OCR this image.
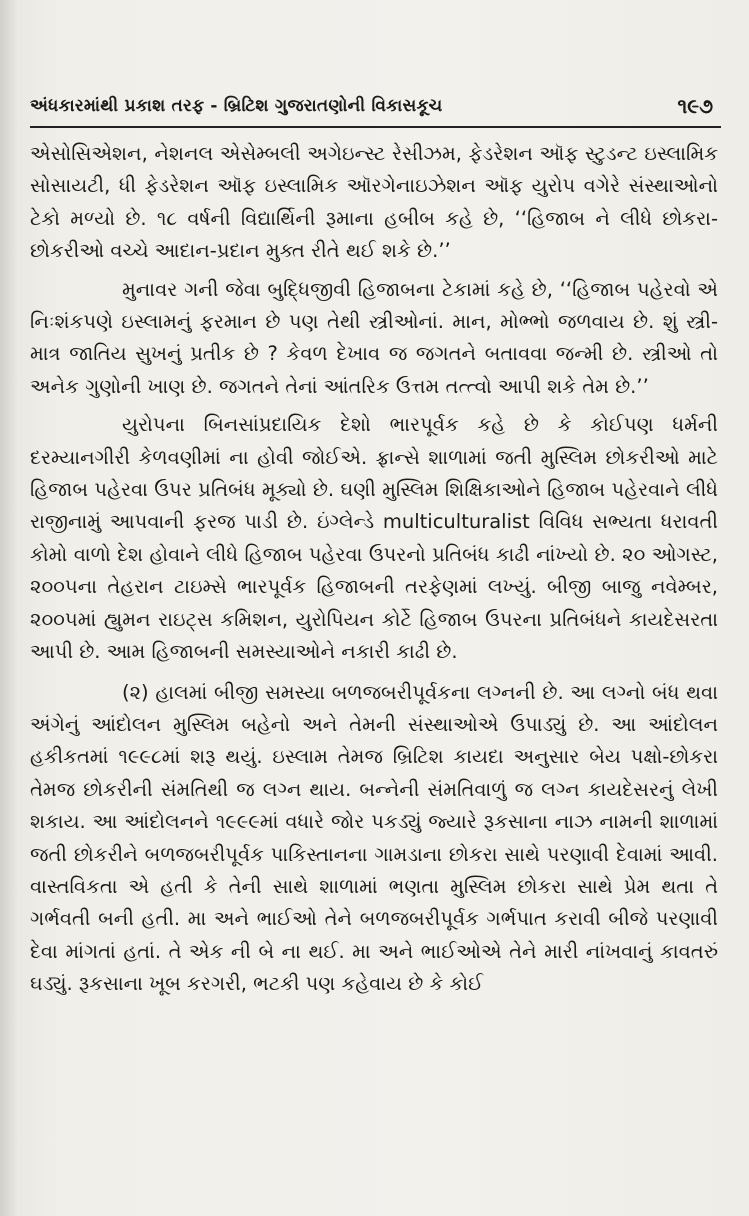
અંધકારમાંથી પ્રકાશ તરફ - બ્રિટિશ ગુજરાતણોની વિકાસકૂચ	૧૯૭

એસોસિએશન, નેશનલ એસેમ્બલી અગેઇન્સ્ટ રેસીઝમ, ફેડરેશન ઑફ સ્ટુડન્ટ ઇસ્લામિક સોસાયટી, ધી ફેડરેશન ઑફ ઇસ્લામિક ઑરગેનાઇઝેશન ઑફ યુરોપ વગેરે સંસ્થાઓનો ટેકો મળ્યો છે. ૧૮ વર્ષની વિદ્યાર્થિની રૂમાના હબીબ કહે છે, ‘‘હિજાબ ને લીધે છોકરા-છોકરીઓ વચ્ચે આદાન-પ્રદાન મુક્ત રીતે થઈ શકે છે.’’

મુનાવર ગની જેવા બુદ્ધિજીવી હિજાબના ટેકામાં કહે છે, ‘‘હિજાબ પહેરવો એ નિઃશંકપણે ઇસ્લામનું ફરમાન છે પણ તેથી સ્ત્રીઓનાં. માન, મોભ્ભો જળવાય છે. શું સ્ત્રી-માત્ર જાતિય સુખનું પ્રતીક છે ? કેવળ દેખાવ જ જગતને બતાવવા જન્મી છે. સ્ત્રીઓ તો અનેક ગુણોની ખાણ છે. જગતને તેનાં આંતરિક ઉત્તમ તત્ત્વો આપી શકે તેમ છે.’’

યુરોપના બિનસાંપ્રદાયિક દેશો ભારપૂર્વક કહે છે કે કોઈપણ ધર્મની દરમ્યાનગીરી કેળવણીમાં ના હોવી જોઈએ. ફ્રાન્સે શાળામાં જતી મુસ્લિમ છોકરીઓ માટે હિજાબ પહેરવા ઉપર પ્રતિબંધ મૂક્યો છે. ઘણી મુસ્લિમ શિક્ષિકાઓને હિજાબ પહેરવાને લીધે રાજીનામું આપવાની ફરજ પાડી છે. ઇંગ્લેન્ડે multiculturalist વિવિધ સભ્યતા ધરાવતી કોમો વાળો દેશ હોવાને લીધે હિજાબ પહેરવા ઉપરનો પ્રતિબંધ કાઢી નાંખ્યો છે. ૨૦ ઓગસ્ટ, ૨૦૦૫ના તેહરાન ટાઇમ્સે ભારપૂર્વક હિજાબની તરફેણમાં લખ્યું. બીજી બાજુ નવેમ્બર, ૨૦૦૫માં હ્યુમન રાઇટ્સ કમિશન, યુરોપિયન કોર્ટે હિજાબ ઉપરના પ્રતિબંધને કાયદેસરતા આપી છે. આમ હિજાબની સમસ્યાઓને નકારી કાઢી છે.

(૨) હાલમાં બીજી સમસ્યા બળજબરીપૂર્વકના લગ્નની છે. આ લગ્નો બંધ થવા અંગેનું આંદોલન મુસ્લિમ બહેનો અને તેમની સંસ્થાઓએ ઉપાડ્યું છે. આ આંદોલન હકીકતમાં ૧૯૯૮માં શરૂ થયું. ઇસ્લામ તેમજ બ્રિટિશ કાયદા અનુસાર બેય પક્ષો-છોકરા તેમજ છોકરીની સંમતિથી જ લગ્ન થાય. બન્નેની સંમતિવાળું જ લગ્ન કાયદેસરનું લેખી શકાય. આ આંદોલનને ૧૯૯૯માં વધારે જોર પકડ્યું જ્યારે રૂકસાના નાઝ નામની શાળામાં જતી છોકરીને બળજબરીપૂર્વક પાકિસ્તાનના ગામડાના છોકરા સાથે પરણાવી દેવામાં આવી. વાસ્તવિકતા એ હતી કે તેની સાથે શાળામાં ભણતા મુસ્લિમ છોકરા સાથે પ્રેમ થતા તે ગર્ભવતી બની હતી. મા અને ભાઈઓ તેને બળજબરીપૂર્વક ગર્ભપાત કરાવી બીજે પરણાવી દેવા માંગતાં હતાં. તે એક ની બે ના થઈ. મા અને ભાઈઓએ તેને મારી નાંખવાનું કાવતરું ઘડ્યું. રૂકસાના ખૂબ કરગરી, ભટકી પણ કહેવાય છે કે કોઈ
